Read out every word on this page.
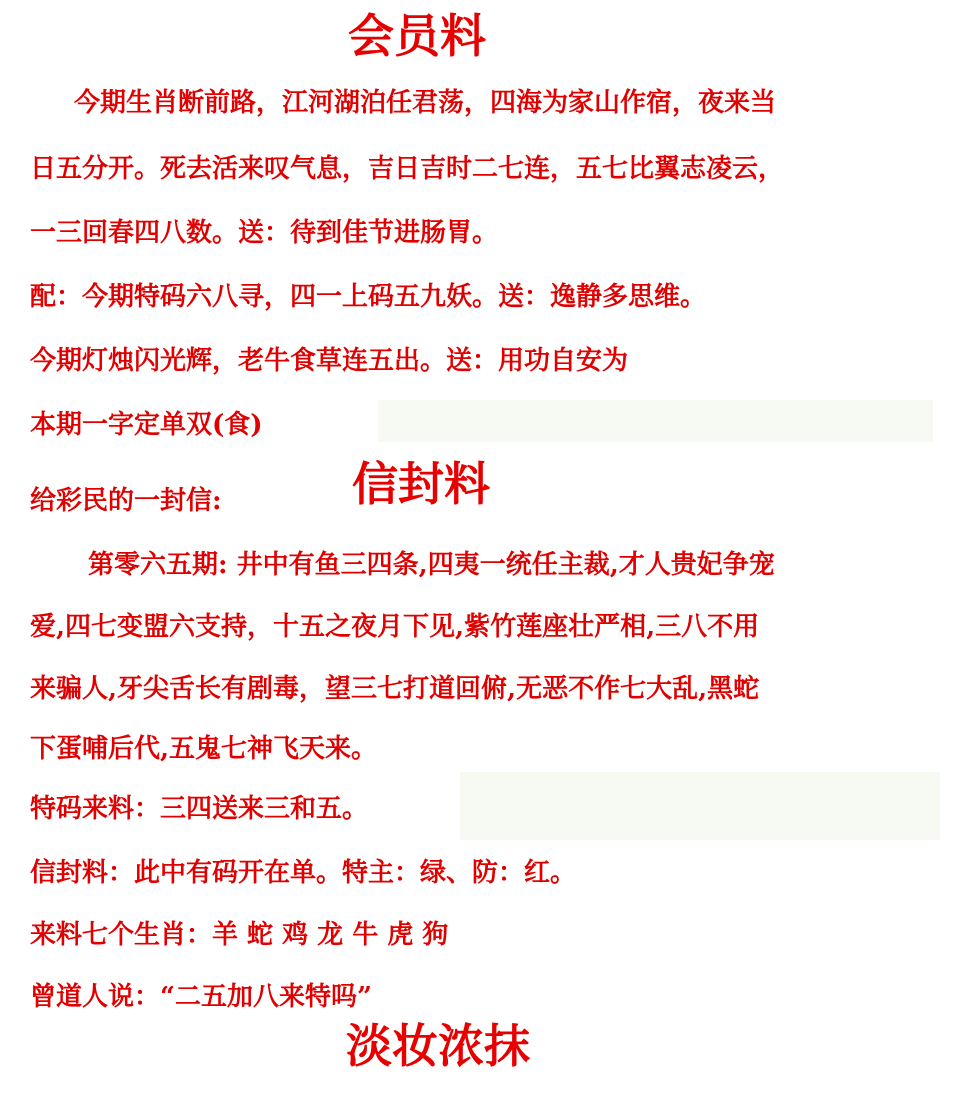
会员料
今期生肖断前路，江河湖泊任君荡，四海为家山作宿，夜来当
日五分开。死去活来叹气息，吉日吉时二七连，五七比翼志凌云，
一三回春四八数。送：待到佳节进肠胃。
配：今期特码六八寻，四一上码五九妖。送：逸静多思维。
今期灯烛闪光辉，老牛食草连五出。送：用功自安为
本期一字定单双(食)
信封料
给彩民的一封信:
第零六五期: 井中有鱼三四条,四夷一统任主裁,才人贵妃争宠
爱,四七变盟六支持，十五之夜月下见,紫竹莲座壮严相,三八不用
来骗人,牙尖舌长有剧毒，望三七打道回俯,无恶不作七大乱,黑蛇
下蛋哺后代,五鬼七神飞天来。
特码来料：三四送来三和五。
信封料：此中有码开在单。特主：绿、防：红。
来料七个生肖：羊 蛇 鸡 龙 牛 虎 狗
曾道人说：“二五加八来特吗”
淡妆浓抹
